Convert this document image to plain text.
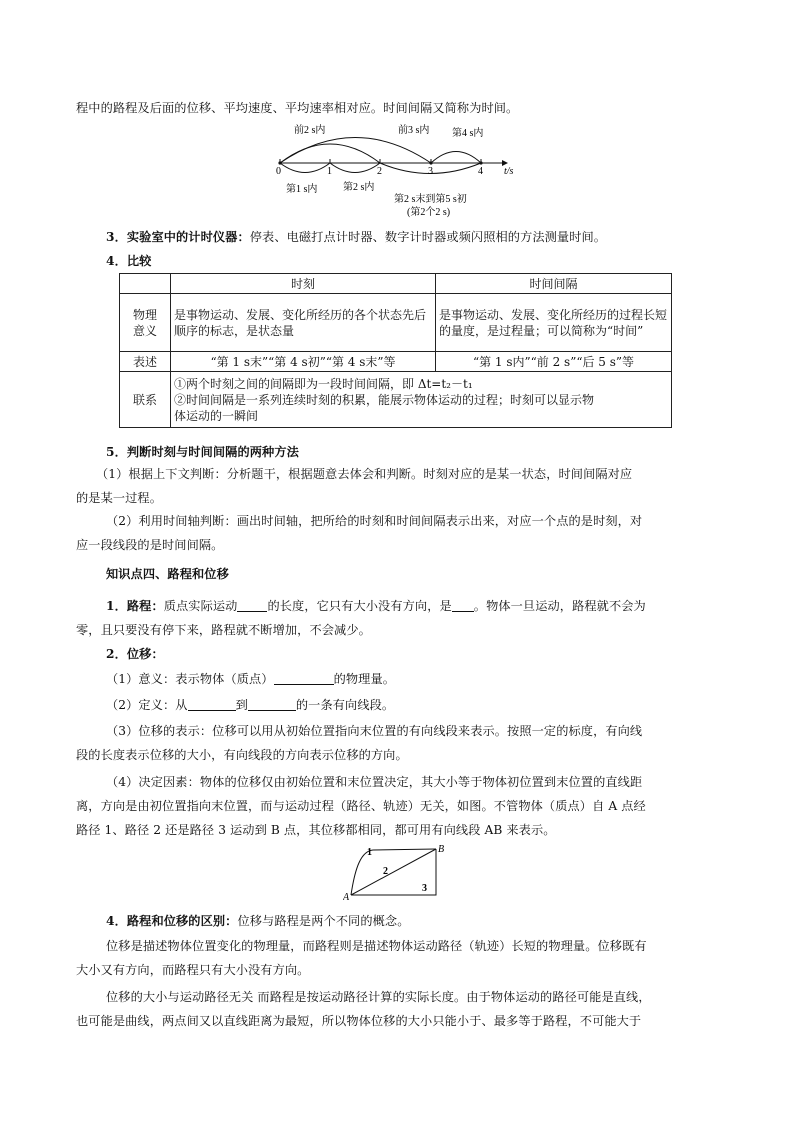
程中的路程及后面的位移、平均速度、平均速率相对应。时间间隔又简称为时间。
0	1	2	3	4 t/s
前2 s内	前3 s内 第4 s内
第1 s内	第2 s内
第2 s末到第5 s初
(第2个2 s)
3．实验室中的计时仪器：停表、电磁打点计时器、数字计时器或频闪照相的方法测量时间。
4．比较
	时刻	时间间隔

物理
意义	是事物运动、发展、变化所经历的各个状态先后顺序的标志，是状态量	是事物运动、发展、变化所经历的过程长短的量度，是过程量；可以简称为“时间”
表述	“第 1 s末”“第 4 s初”“第 4 s末”等	“第 1 s内”“前 2 s”“后 5 s”等
联系	①两个时刻之间的间隔即为一段时间间隔，即 Δt=t₂－t₁
②时间间隔是一系列连续时刻的积累，能展示物体运动的过程；时刻可以显示物
体运动的一瞬间	
5．判断时刻与时间间隔的两种方法
（1）根据上下文判断：分析题干，根据题意去体会和判断。时刻对应的是某一状态，时间间隔对应
的是某一过程。
（2）利用时间轴判断：画出时间轴，把所给的时刻和时间间隔表示出来，对应一个点的是时刻，对
应一段线段的是时间间隔。
知识点四、路程和位移
1．路程：质点实际运动 的长度，它只有大小没有方向，是 。物体一旦运动，路程就不会为
零，且只要没有停下来，路程就不断增加，不会减少。
2．位移：
（1）意义：表示物体（质点）	的物理量。
（2）定义：从	到	的一条有向线段。
（3）位移的表示：位移可以用从初始位置指向末位置的有向线段来表示。按照一定的标度，有向线
段的长度表示位移的大小，有向线段的方向表示位移的方向。
（4）决定因素：物体的位移仅由初始位置和末位置决定，其大小等于物体初位置到末位置的直线距
离，方向是由初位置指向末位置，而与运动过程（路径、轨迹）无关，如图。不管物体（质点）自 A 点经
路径 1、路径 2 还是路径 3 运动到 B 点，其位移都相同，都可用有向线段 AB 来表示。
A
B
1
2
3
4．路程和位移的区别：位移与路程是两个不同的概念。
位移是描述物体位置变化的物理量，而路程则是描述物体运动路径（轨迹）长短的物理量。位移既有
大小又有方向，而路程只有大小没有方向。
位移的大小与运动路径无关 而路程是按运动路径计算的实际长度。由于物体运动的路径可能是直线，
也可能是曲线，两点间又以直线距离为最短，所以物体位移的大小只能小于、最多等于路程，不可能大于
